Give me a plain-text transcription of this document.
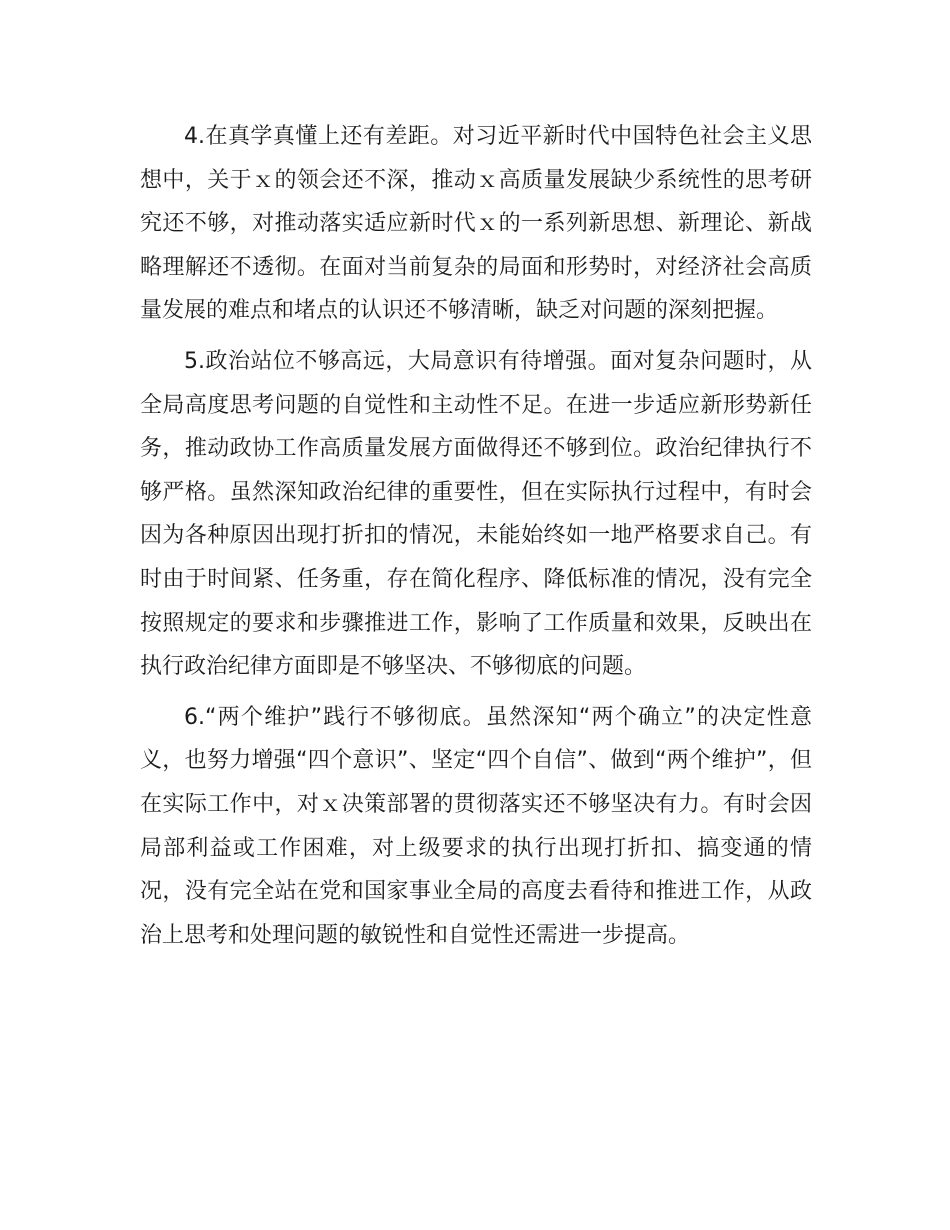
4.在真学真懂上还有差距。对习近平新时代中国特色社会主义思想中，关于ｘ的领会还不深，推动ｘ高质量发展缺少系统性的思考研究还不够，对推动落实适应新时代ｘ的一系列新思想、新理论、新战略理解还不透彻。在面对当前复杂的局面和形势时，对经济社会高质量发展的难点和堵点的认识还不够清晰，缺乏对问题的深刻把握。

5.政治站位不够高远，大局意识有待增强。面对复杂问题时，从全局高度思考问题的自觉性和主动性不足。在进一步适应新形势新任务，推动政协工作高质量发展方面做得还不够到位。政治纪律执行不够严格。虽然深知政治纪律的重要性，但在实际执行过程中，有时会因为各种原因出现打折扣的情况，未能始终如一地严格要求自己。有时由于时间紧、任务重，存在简化程序、降低标准的情况，没有完全按照规定的要求和步骤推进工作，影响了工作质量和效果，反映出在执行政治纪律方面即是不够坚决、不够彻底的问题。

6.“两个维护”践行不够彻底。虽然深知“两个确立”的决定性意义，也努力增强“四个意识”、坚定“四个自信”、做到“两个维护”，但在实际工作中，对ｘ决策部署的贯彻落实还不够坚决有力。有时会因局部利益或工作困难，对上级要求的执行出现打折扣、搞变通的情况，没有完全站在党和国家事业全局的高度去看待和推进工作，从政治上思考和处理问题的敏锐性和自觉性还需进一步提高。
